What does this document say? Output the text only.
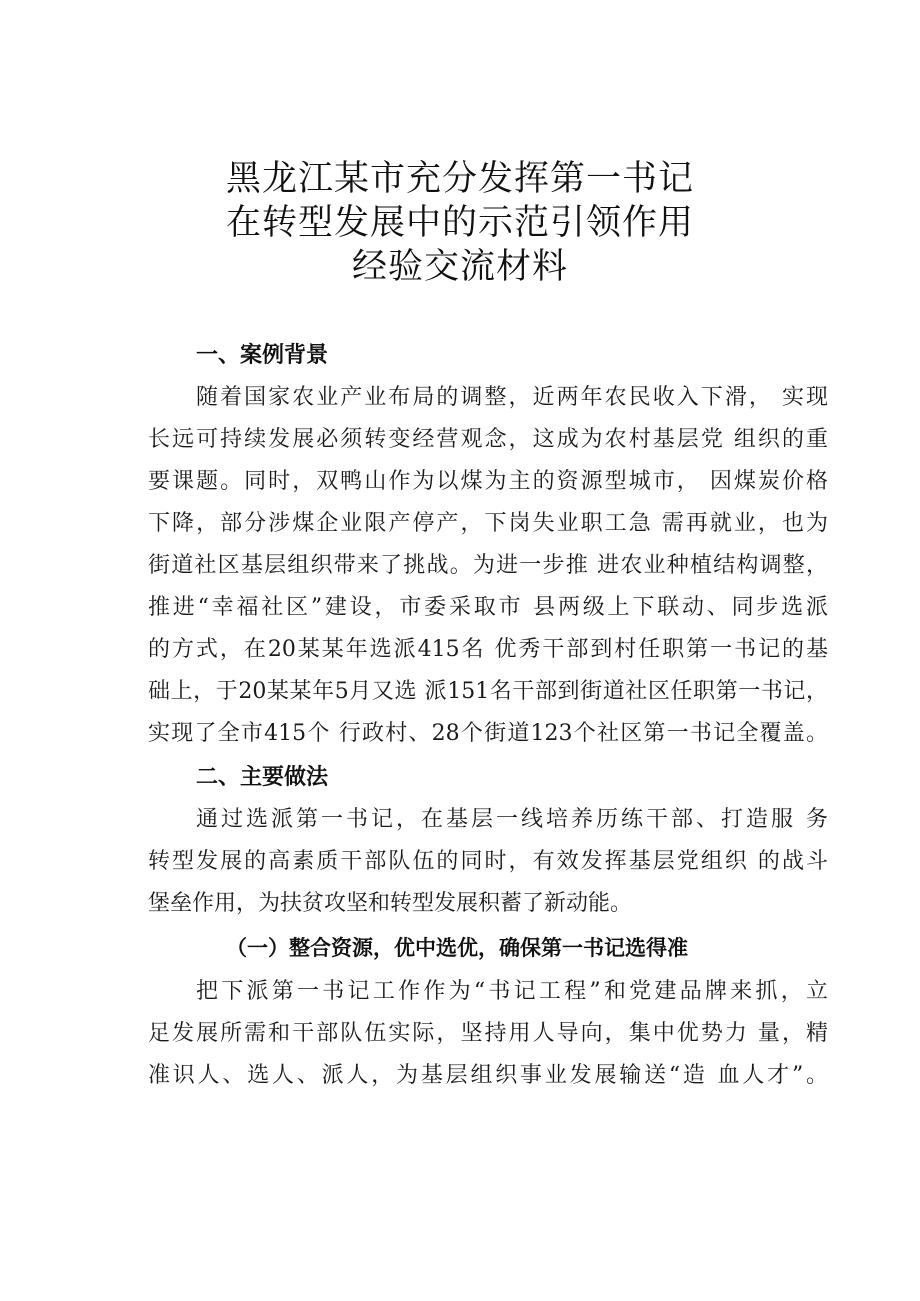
黑龙江某市充分发挥第一书记
在转型发展中的示范引领作用
经验交流材料
一、案例背景
随着国家农业产业布局的调整，近两年农民收入下滑， 实现
长远可持续发展必须转变经营观念，这成为农村基层党 组织的重
要课题。同时，双鸭山作为以煤为主的资源型城市， 因煤炭价格
下降，部分涉煤企业限产停产，下岗失业职工急 需再就业，也为
街道社区基层组织带来了挑战。为进一步推 进农业种植结构调整，
推进“幸福社区”建设，市委采取市 县两级上下联动、同步选派
的方式，在20某某年选派415名 优秀干部到村任职第一书记的基
础上，于20某某年5月又选 派151名干部到街道社区任职第一书记，
实现了全市415个 行政村、28个街道123个社区第一书记全覆盖。
二、主要做法
通过选派第一书记，在基层一线培养历练干部、打造服 务
转型发展的高素质干部队伍的同时，有效发挥基层党组织 的战斗
堡垒作用，为扶贫攻坚和转型发展积蓄了新动能。
（一）整合资源，优中选优，确保第一书记选得准
把下派第一书记工作作为“书记工程”和党建品牌来抓，立
足发展所需和干部队伍实际，坚持用人导向，集中优势力 量，精
准识人、选人、派人，为基层组织事业发展输送“造 血人才”。
